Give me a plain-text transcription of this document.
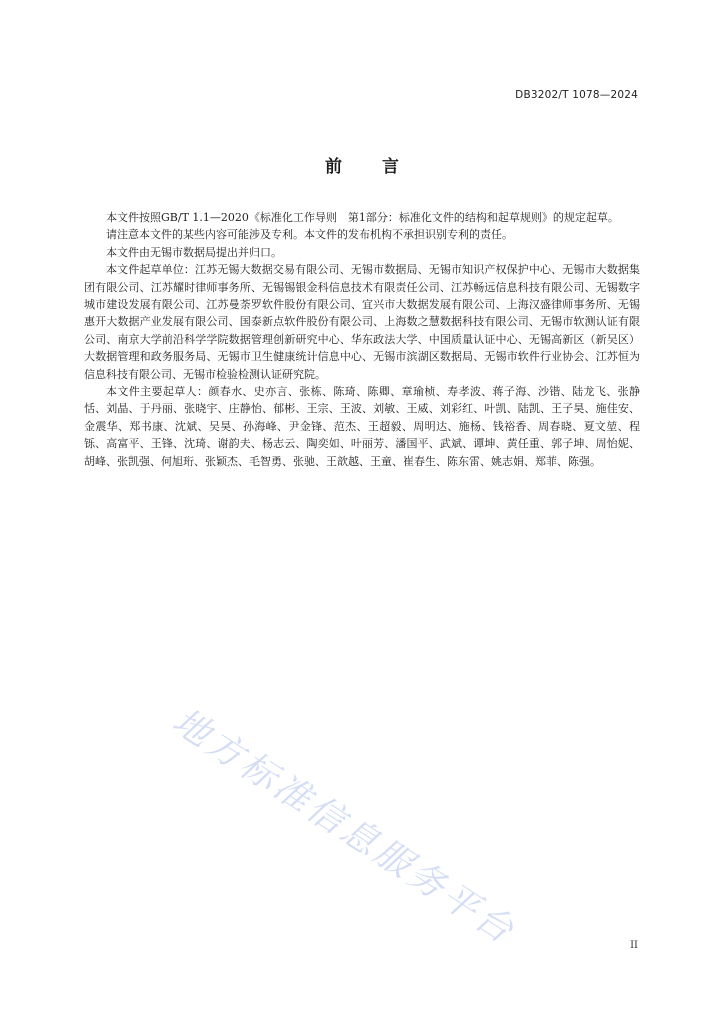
DB3202/T 1078—2024
前 言

本文件按照GB/T 1.1—2020《标准化工作导则　第1部分：标准化文件的结构和起草规则》的规定起草。

请注意本文件的某些内容可能涉及专利。本文件的发布机构不承担识别专利的责任。

本文件由无锡市数据局提出并归口。

本文件起草单位：江苏无锡大数据交易有限公司、无锡市数据局、无锡市知识产权保护中心、无锡市大数据集团有限公司、江苏耀时律师事务所、无锡锡银金科信息技术有限责任公司、江苏畅远信息科技有限公司、无锡数字城市建设发展有限公司、江苏曼荼罗软件股份有限公司、宜兴市大数据发展有限公司、上海汉盛律师事务所、无锡惠开大数据产业发展有限公司、国泰新点软件股份有限公司、上海数之慧数据科技有限公司、无锡市软测认证有限公司、南京大学前沿科学学院数据管理创新研究中心、华东政法大学、中国质量认证中心、无锡高新区（新吴区）大数据管理和政务服务局、无锡市卫生健康统计信息中心、无锡市滨湖区数据局、无锡市软件行业协会、江苏恒为信息科技有限公司、无锡市检验检测认证研究院。

本文件主要起草人：颜春水、史亦言、张栋、陈琦、陈卿、章瑜桢、寿孝波、蒋子海、沙锴、陆龙飞、张静恬、刘晶、于丹丽、张晓宇、庄静怡、郁彬、王宗、王波、刘敏、王威、刘彩红、叶凯、陆凯、王子昊、施佳安、金震华、郑书康、沈斌、吴昊、孙海峰、尹金锋、范杰、王超毅、周明达、施杨、钱裕香、周春晓、夏文堃、程铄、高富平、王锋、沈琦、谢韵夫、杨志云、陶奕如、叶丽芳、潘国平、武斌、谭坤、黄任重、郭子坤、周怡妮、胡峰、张凯强、何旭珩、张颖杰、毛智勇、张驰、王歆越、王童、崔春生、陈东雷、姚志娟、郑菲、陈强。

地方标准信息服务平台	II
